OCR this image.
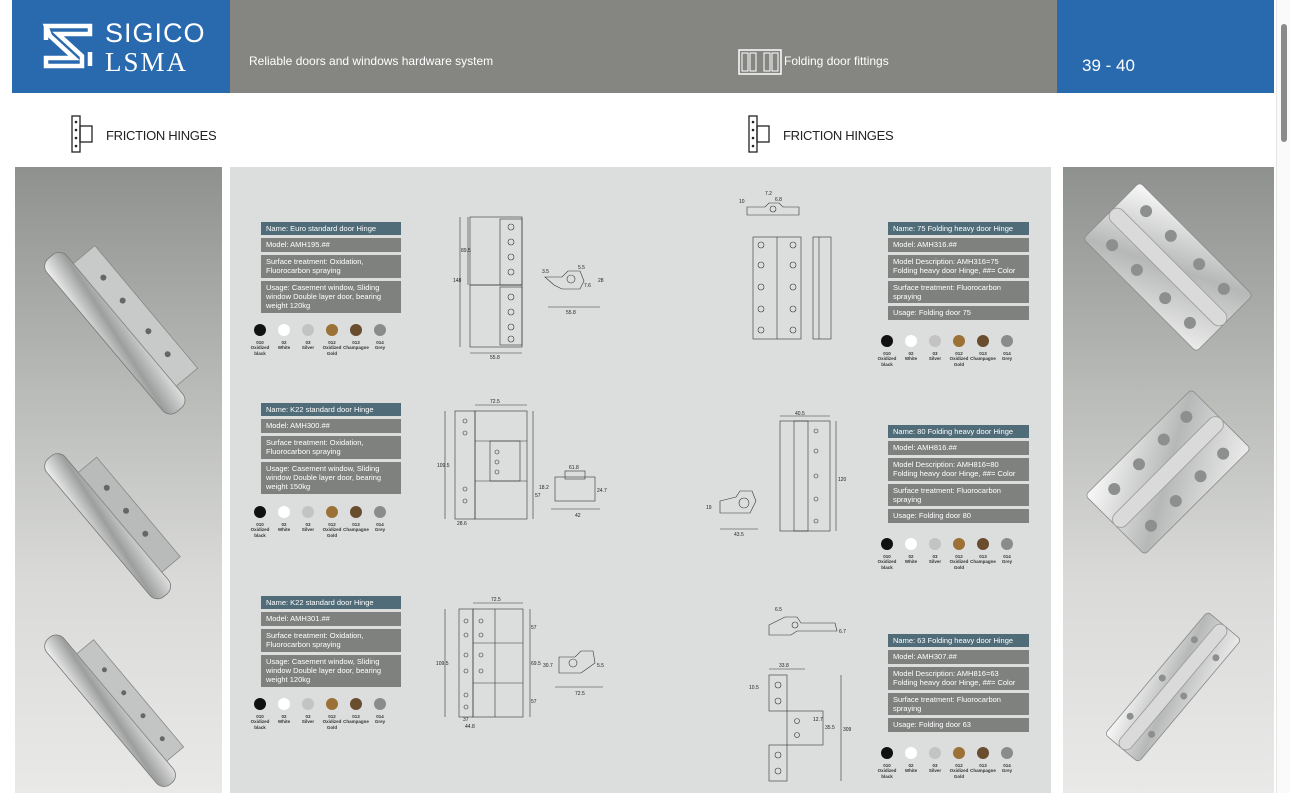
SIGICO
LSMA	Reliable doors and windows hardware system	Folding door fittings	39 - 40
FRICTION HINGES	FRICTION HINGES
Name: Euro standard door Hinge
Model: AMH195.##
Surface treatment: Oxidation, Fluorocarbon spraying
Usage: Casement window, Sliding window Double layer door, bearing weight 120kg
Name: K22 standard door Hinge
Model: AMH300.##
Surface treatment: Oxidation, Fluorocarbon spraying
Usage: Casement window, Sliding window Double layer door, bearing weight 150kg
Name: K22 standard door Hinge
Model: AMH301.##
Surface treatment: Oxidation, Fluorocarbon spraying
Usage: Casement window, Sliding window Double layer door, bearing weight 120kg
Name: 75 Folding heavy door Hinge
Model: AMH316.##
Model Description: AMH316=75 Folding heavy door Hinge, ##= Color
Surface treatment: Fluorocarbon spraying
Usage: Folding door 75
Name: 80 Folding heavy door Hinge
Model: AMH816.##
Model Description: AMH816=80 Folding heavy door Hinge, ##= Color
Surface treatment: Fluorocarbon spraying
Usage: Folding door 80
Name: 63 Folding heavy door Hinge
Model: AMH307.##
Model Description: AMH816=63 Folding heavy door Hinge, ##= Color
Surface treatment: Fluorocarbon spraying
Usage: Folding door 63
010
Oxidized black
02
White
03
Silver
012
Oxidized Gold
013
Champagne
014
Grey
010
Oxidized black
02
White
03
Silver
012
Oxidized Gold
013
Champagne
014
Grey
010
Oxidized black
02
White
03
Silver
012
Oxidized Gold
013
Champagne
014
Grey
010
Oxidized black
02
White
03
Silver
012
Oxidized Gold
013
Champagne
014
Grey
010
Oxidized black
02
White
03
Silver
012
Oxidized Gold
013
Champagne
014
Grey
010
Oxidized black
02
White
03
Silver
012
Oxidized Gold
013
Champagne
014
Grey
148
89.5
55.8
5.5
7.6
28
55.8
3.5
72.5
109.5
57
28.6
61.8
24.7
18.2
42
72.5
57
69.5
109.5
57
44.8
37
5.5
72.5
30.7
7.2
10	6.8
40.5
120
19
43.5
6.5
6.7
33.8
10.5
309
12.7
35.5
